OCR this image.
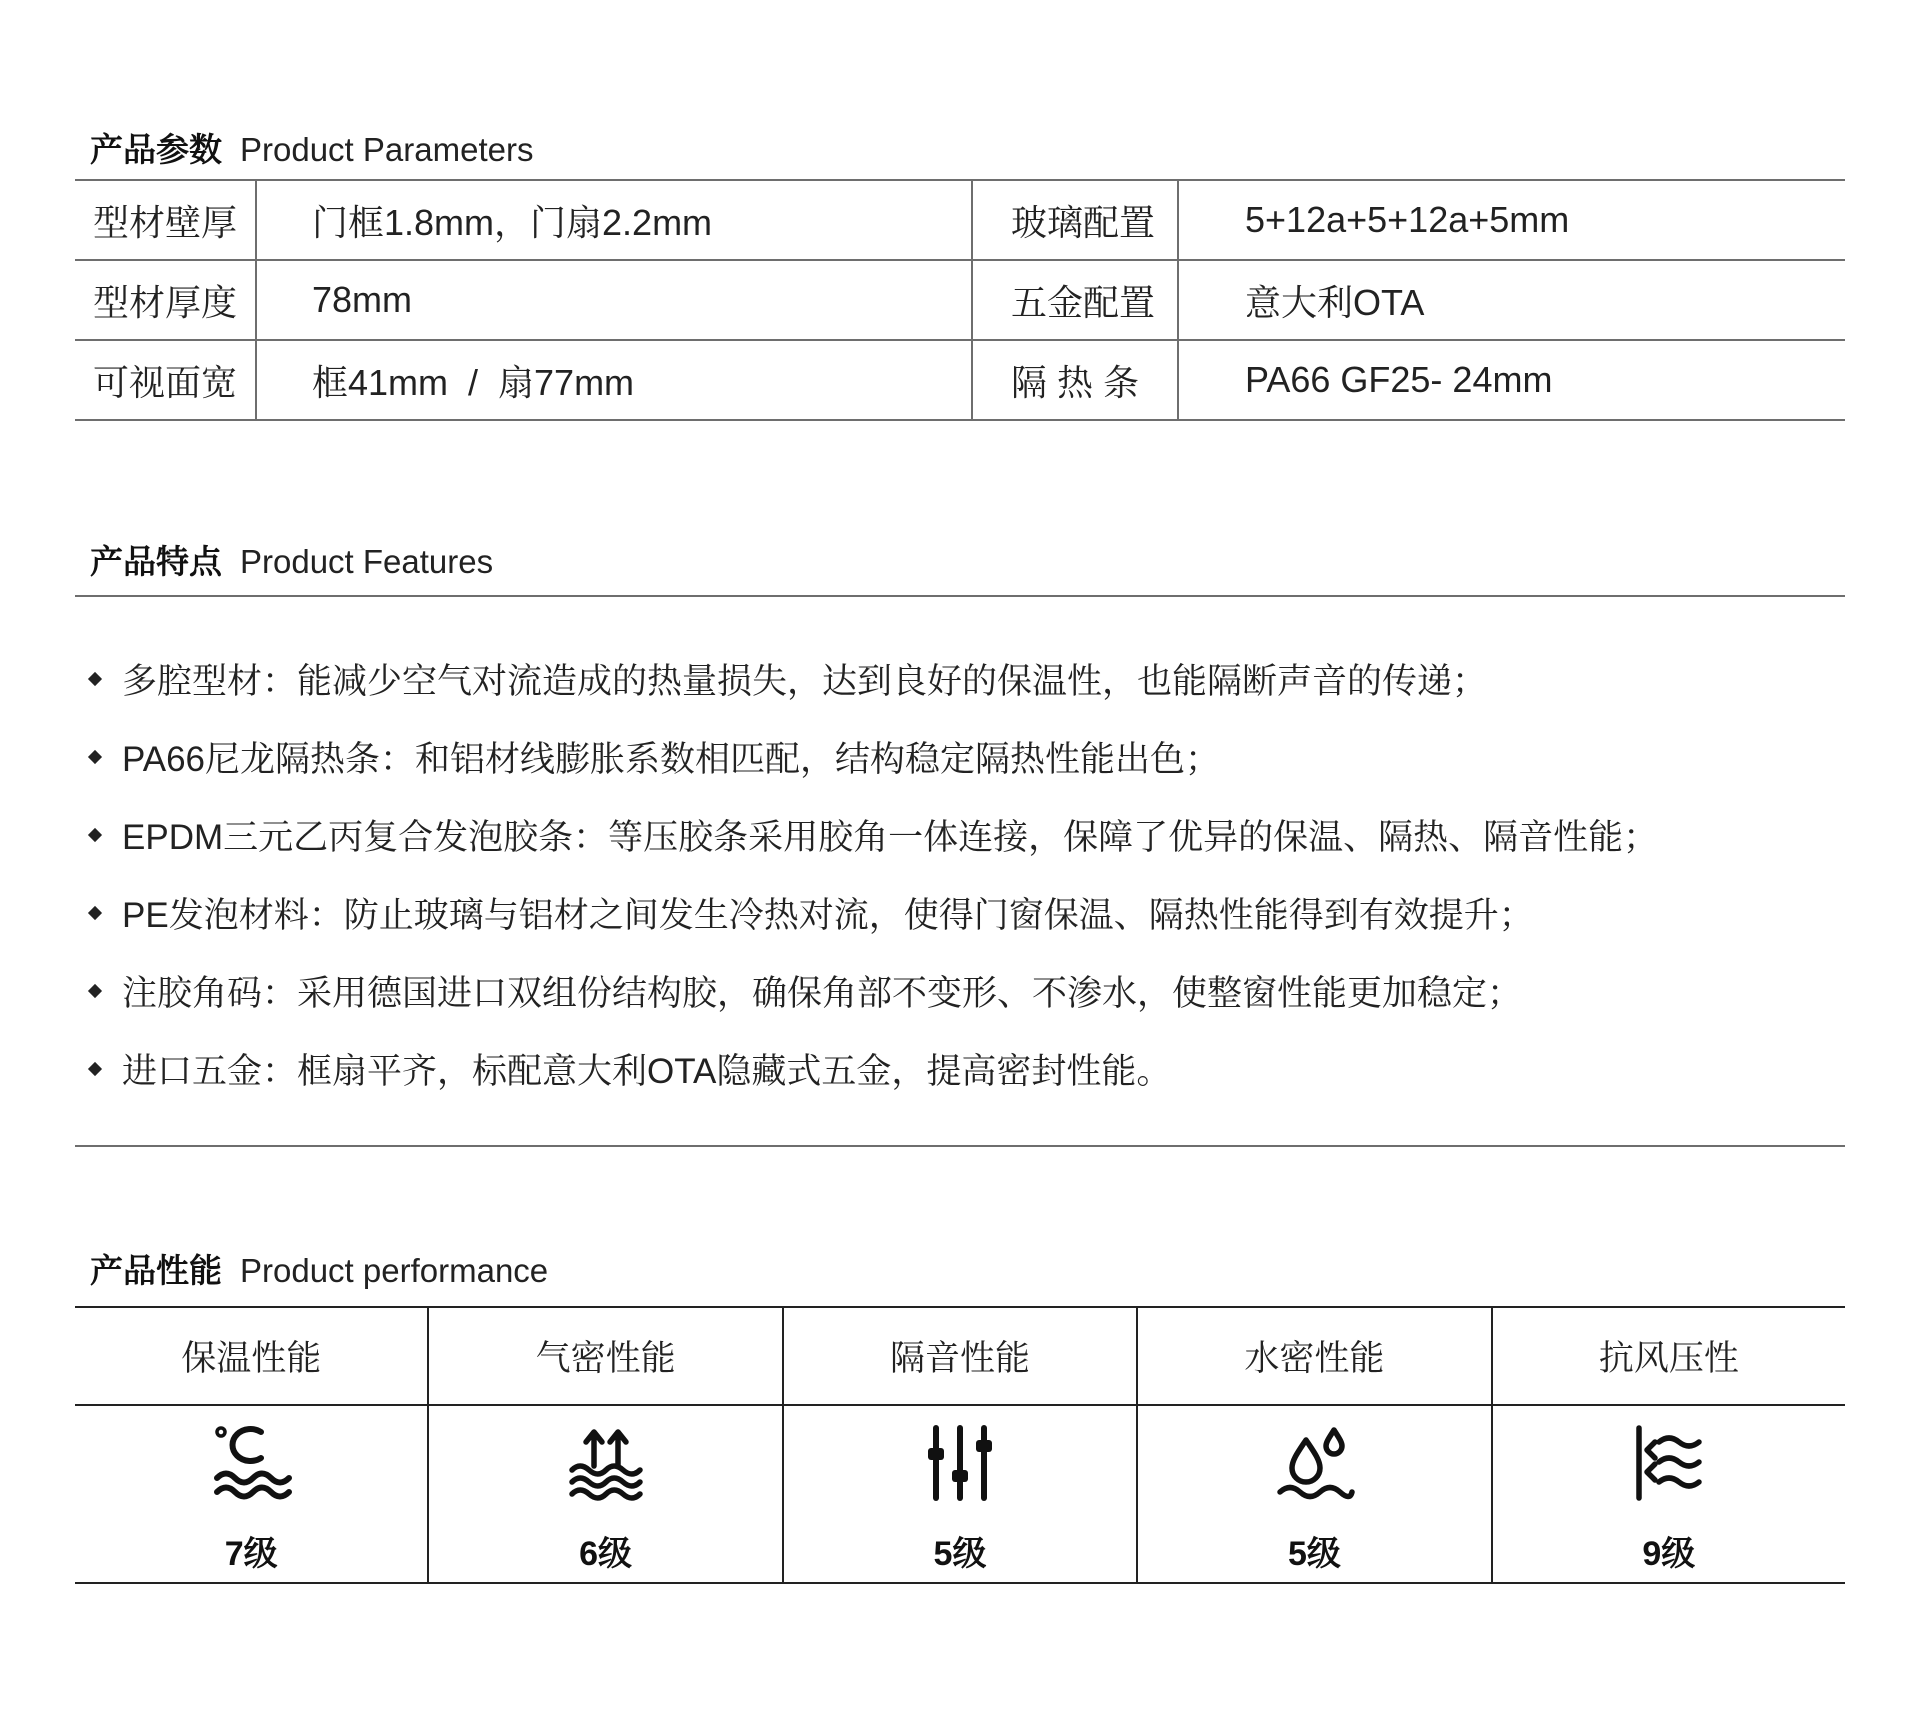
产品参数 Product Parameters
型材壁厚	门框1.8mm，门扇2.2mm	玻璃配置	5+12a+5+12a+5mm
型材厚度	78mm	五金配置	意大利OTA
可视面宽	框41mm  /  扇77mm	隔 热 条	PA66 GF25- 24mm
产品特点 Product Features
多腔型材：能减少空气对流造成的热量损失，达到良好的保温性，也能隔断声音的传递；
PA66尼龙隔热条：和铝材线膨胀系数相匹配，结构稳定隔热性能出色；
EPDM三元乙丙复合发泡胶条：等压胶条采用胶角一体连接，保障了优异的保温、隔热、隔音性能；
PE发泡材料：防止玻璃与铝材之间发生冷热对流，使得门窗保温、隔热性能得到有效提升；
注胶角码：采用德国进口双组份结构胶，确保角部不变形、不渗水，使整窗性能更加稳定；
进口五金：框扇平齐，标配意大利OTA隐藏式五金，提高密封性能。
产品性能 Product performance
保温性能	气密性能	隔音性能	水密性能	抗风压性
7级	6级	5级	5级	9级
